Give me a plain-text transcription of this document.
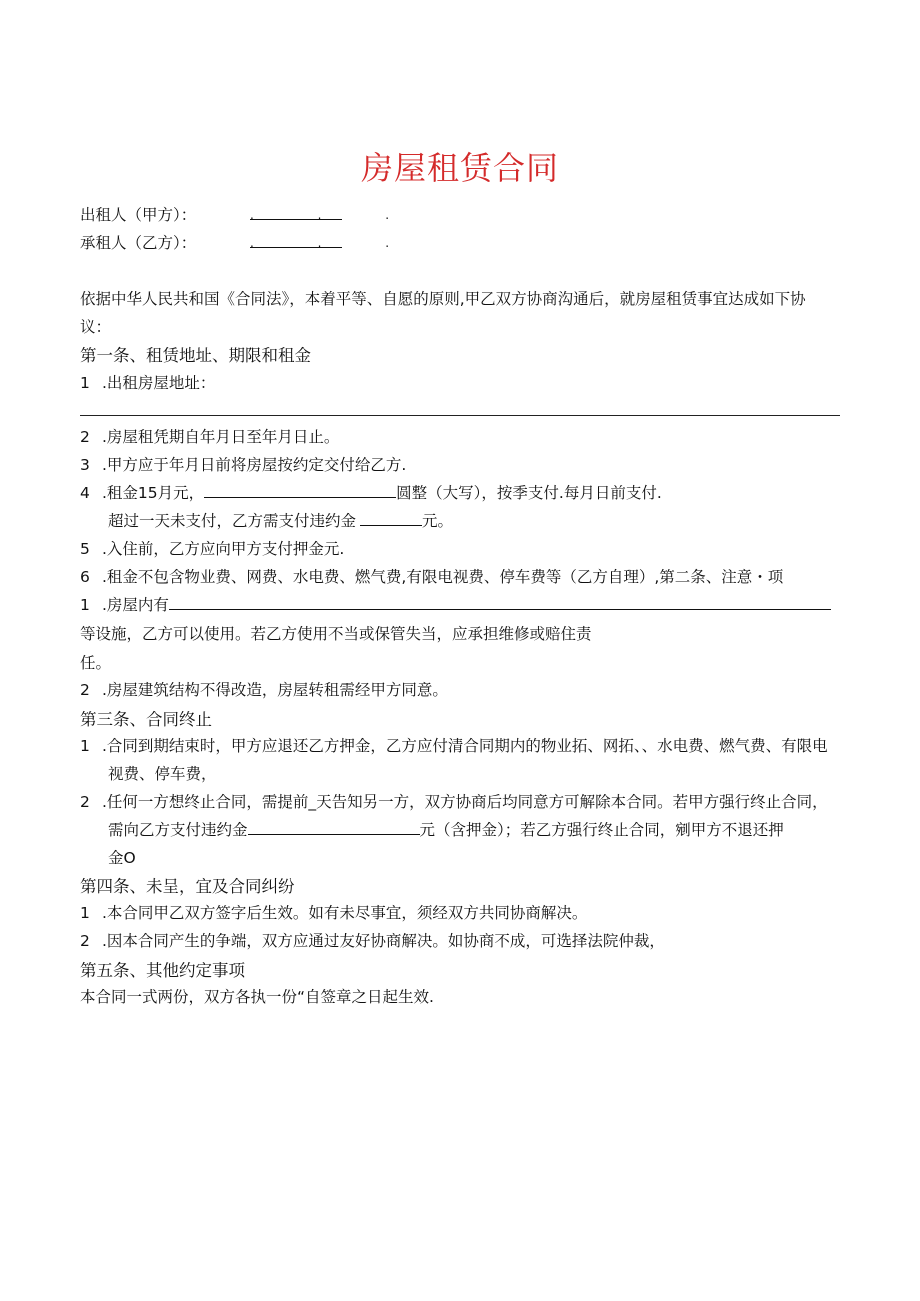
房屋租赁合同
出租人（甲方）：	. . .
承租人（乙方）：	. . .
依据中华人民共和国《合同法》，本着平等、自愿的原则,甲乙双方协商沟通后，就房屋租赁事宜达成如下协
议：
第一条、租赁地址、期限和租金
1 .出租房屋地址：
2 .房屋租凭期自年月日至年月日止。
3 .甲方应于年月日前将房屋按约定交付给乙方.
4 .租金15月元，	圆整（大写），按季支付.每月日前支付.
超过一天未支付，乙方需支付违约金	元。
5 .入住前，乙方应向甲方支付押金元.
6 .租金不包含物业费、网费、水电费、燃气费,有限电视费、停车费等（乙方自理）,第二条、注意・项
1 .房屋内有
等设施，乙方可以使用。若乙方使用不当或保管失当，应承担维修或赔住责
任。
2 .房屋建筑结构不得改造，房屋转租需经甲方同意。
第三条、合同终止
1 .合同到期结束时，甲方应退还乙方押金，乙方应付清合同期内的物业拓、网拓、、水电费、燃气费、有限电
视费、停车费，
2 .任何一方想终止合同，需提前_天告知另一方，双方协商后均同意方可解除本合同。若甲方强行终止合同，
需向乙方支付违约金	元（含押金）；若乙方强行终止合同，剜甲方不退还押
金O
第四条、未呈，宜及合同纠纷
1 .本合同甲乙双方签字后生效。如有未尽事宜，须经双方共同协商解决。
2 .因本合同产生的争端，双方应通过友好协商解决。如协商不成，可选择法院仲裁，
第五条、其他约定事项
本合同一式两份，双方各执一份“自签章之日起生效.
